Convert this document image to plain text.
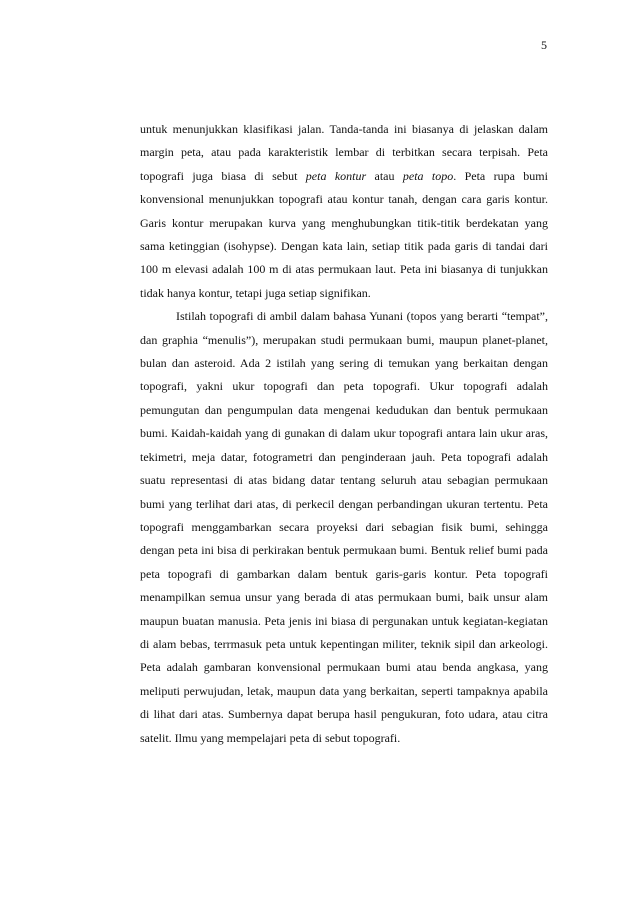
5

untuk menunjukkan klasifikasi jalan. Tanda-tanda ini biasanya di jelaskan dalam margin peta, atau pada karakteristik lembar di terbitkan secara terpisah. Peta topografi juga biasa di sebut peta kontur atau peta topo. Peta rupa bumi konvensional menunjukkan topografi atau kontur tanah, dengan cara garis kontur. Garis kontur merupakan kurva yang menghubungkan titik-titik berdekatan yang sama ketinggian (isohypse). Dengan kata lain, setiap titik pada garis di tandai dari 100 m elevasi adalah 100 m di atas permukaan laut. Peta ini biasanya di tunjukkan tidak hanya kontur, tetapi juga setiap signifikan.

Istilah topografi di ambil dalam bahasa Yunani (topos yang berarti “tempat”, dan graphia “menulis”), merupakan studi permukaan bumi, maupun planet-planet, bulan dan asteroid. Ada 2 istilah yang sering di temukan yang berkaitan dengan topografi, yakni ukur topografi dan peta topografi. Ukur topografi adalah pemungutan dan pengumpulan data mengenai kedudukan dan bentuk permukaan bumi. Kaidah-kaidah yang di gunakan di dalam ukur topografi antara lain ukur aras, tekimetri, meja datar, fotogrametri dan penginderaan jauh. Peta topografi adalah suatu representasi di atas bidang datar tentang seluruh atau sebagian permukaan bumi yang terlihat dari atas, di perkecil dengan perbandingan ukuran tertentu. Peta topografi menggambarkan secara proyeksi dari sebagian fisik bumi, sehingga dengan peta ini bisa di perkirakan bentuk permukaan bumi. Bentuk relief bumi pada peta topografi di gambarkan dalam bentuk garis-garis kontur. Peta topografi menampilkan semua unsur yang berada di atas permukaan bumi, baik unsur alam maupun buatan manusia. Peta jenis ini biasa di pergunakan untuk kegiatan-kegiatan di alam bebas, terrmasuk peta untuk kepentingan militer, teknik sipil dan arkeologi. Peta adalah gambaran konvensional permukaan bumi atau benda angkasa, yang meliputi perwujudan, letak, maupun data yang berkaitan, seperti tampaknya apabila di lihat dari atas. Sumbernya dapat berupa hasil pengukuran, foto udara, atau citra satelit. Ilmu yang mempelajari peta di sebut topografi.
